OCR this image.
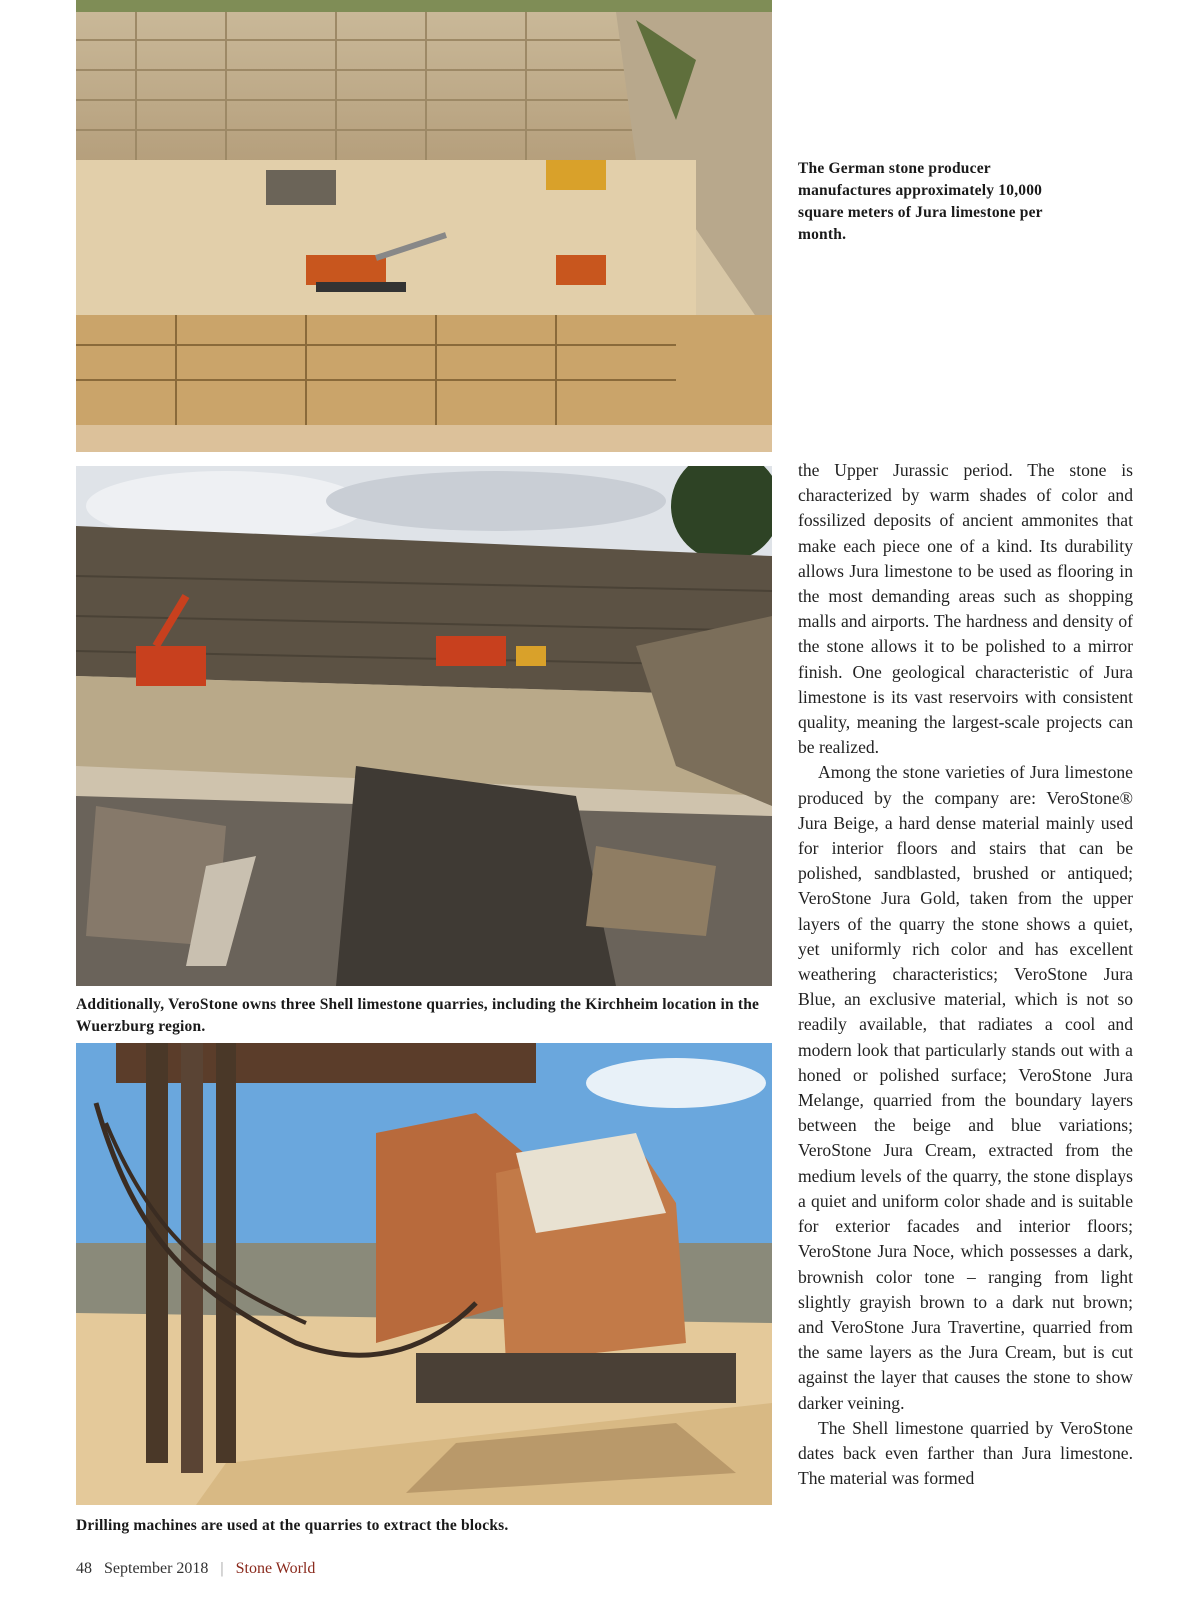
The German stone producer manufactures approximately 10,000 square meters of Jura limestone per month.

Additionally, VeroStone owns three Shell limestone quarries, including the Kirchheim location in the Wuerzburg region.

Drilling machines are used at the quarries to extract the blocks.

the Upper Jurassic period. The stone is characterized by warm shades of color and fossilized deposits of ancient ammonites that make each piece one of a kind. Its durability allows Jura limestone to be used as flooring in the most demanding areas such as shopping malls and airports. The hardness and density of the stone allows it to be polished to a mirror finish. One geological characteristic of Jura limestone is its vast reservoirs with consistent quality, meaning the largest-scale projects can be realized.

Among the stone varieties of Jura limestone produced by the company are: VeroStone® Jura Beige, a hard dense material mainly used for interior floors and stairs that can be polished, sandblasted, brushed or antiqued; VeroStone Jura Gold, taken from the upper layers of the quarry the stone shows a quiet, yet uniformly rich color and has excellent weathering characteristics; VeroStone Jura Blue, an exclusive material, which is not so readily available, that radiates a cool and modern look that particularly stands out with a honed or polished surface; VeroStone Jura Melange, quarried from the boundary layers between the beige and blue variations; VeroStone Jura Cream, extracted from the medium levels of the quarry, the stone displays a quiet and uniform color shade and is suitable for exterior facades and interior floors; VeroStone Jura Noce, which possesses a dark, brownish color tone – ranging from light slightly grayish brown to a dark nut brown; and VeroStone Jura Travertine, quarried from the same layers as the Jura Cream, but is cut against the layer that causes the stone to show darker veining.

The Shell limestone quarried by VeroStone dates back even farther than Jura limestone. The material was formed

48 September 2018 | Stone World
